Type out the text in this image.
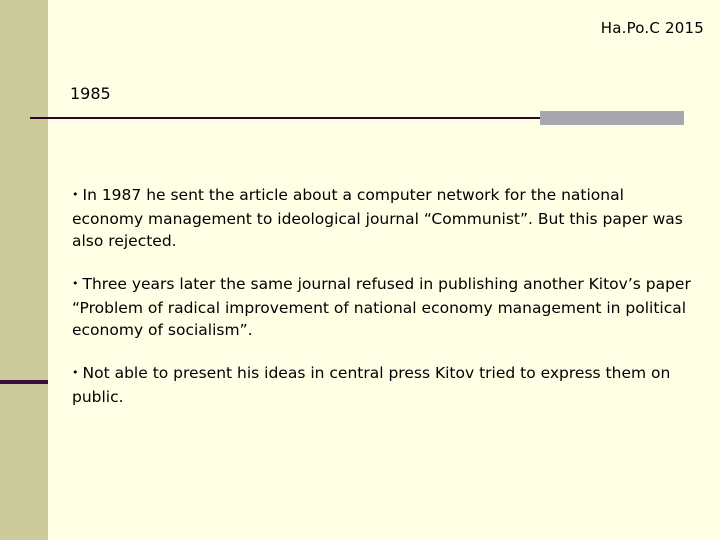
Ha.Po.C 2015
1985
• In 1987 he sent the article about a computer network for the national economy management to ideological journal “Communist”. But this paper was also rejected.
• Three years later the same journal refused in publishing another Kitov’s paper “Problem of radical improvement of national economy management in political economy of socialism”.
• Not able to present his ideas in central press Kitov tried to express them on public.
